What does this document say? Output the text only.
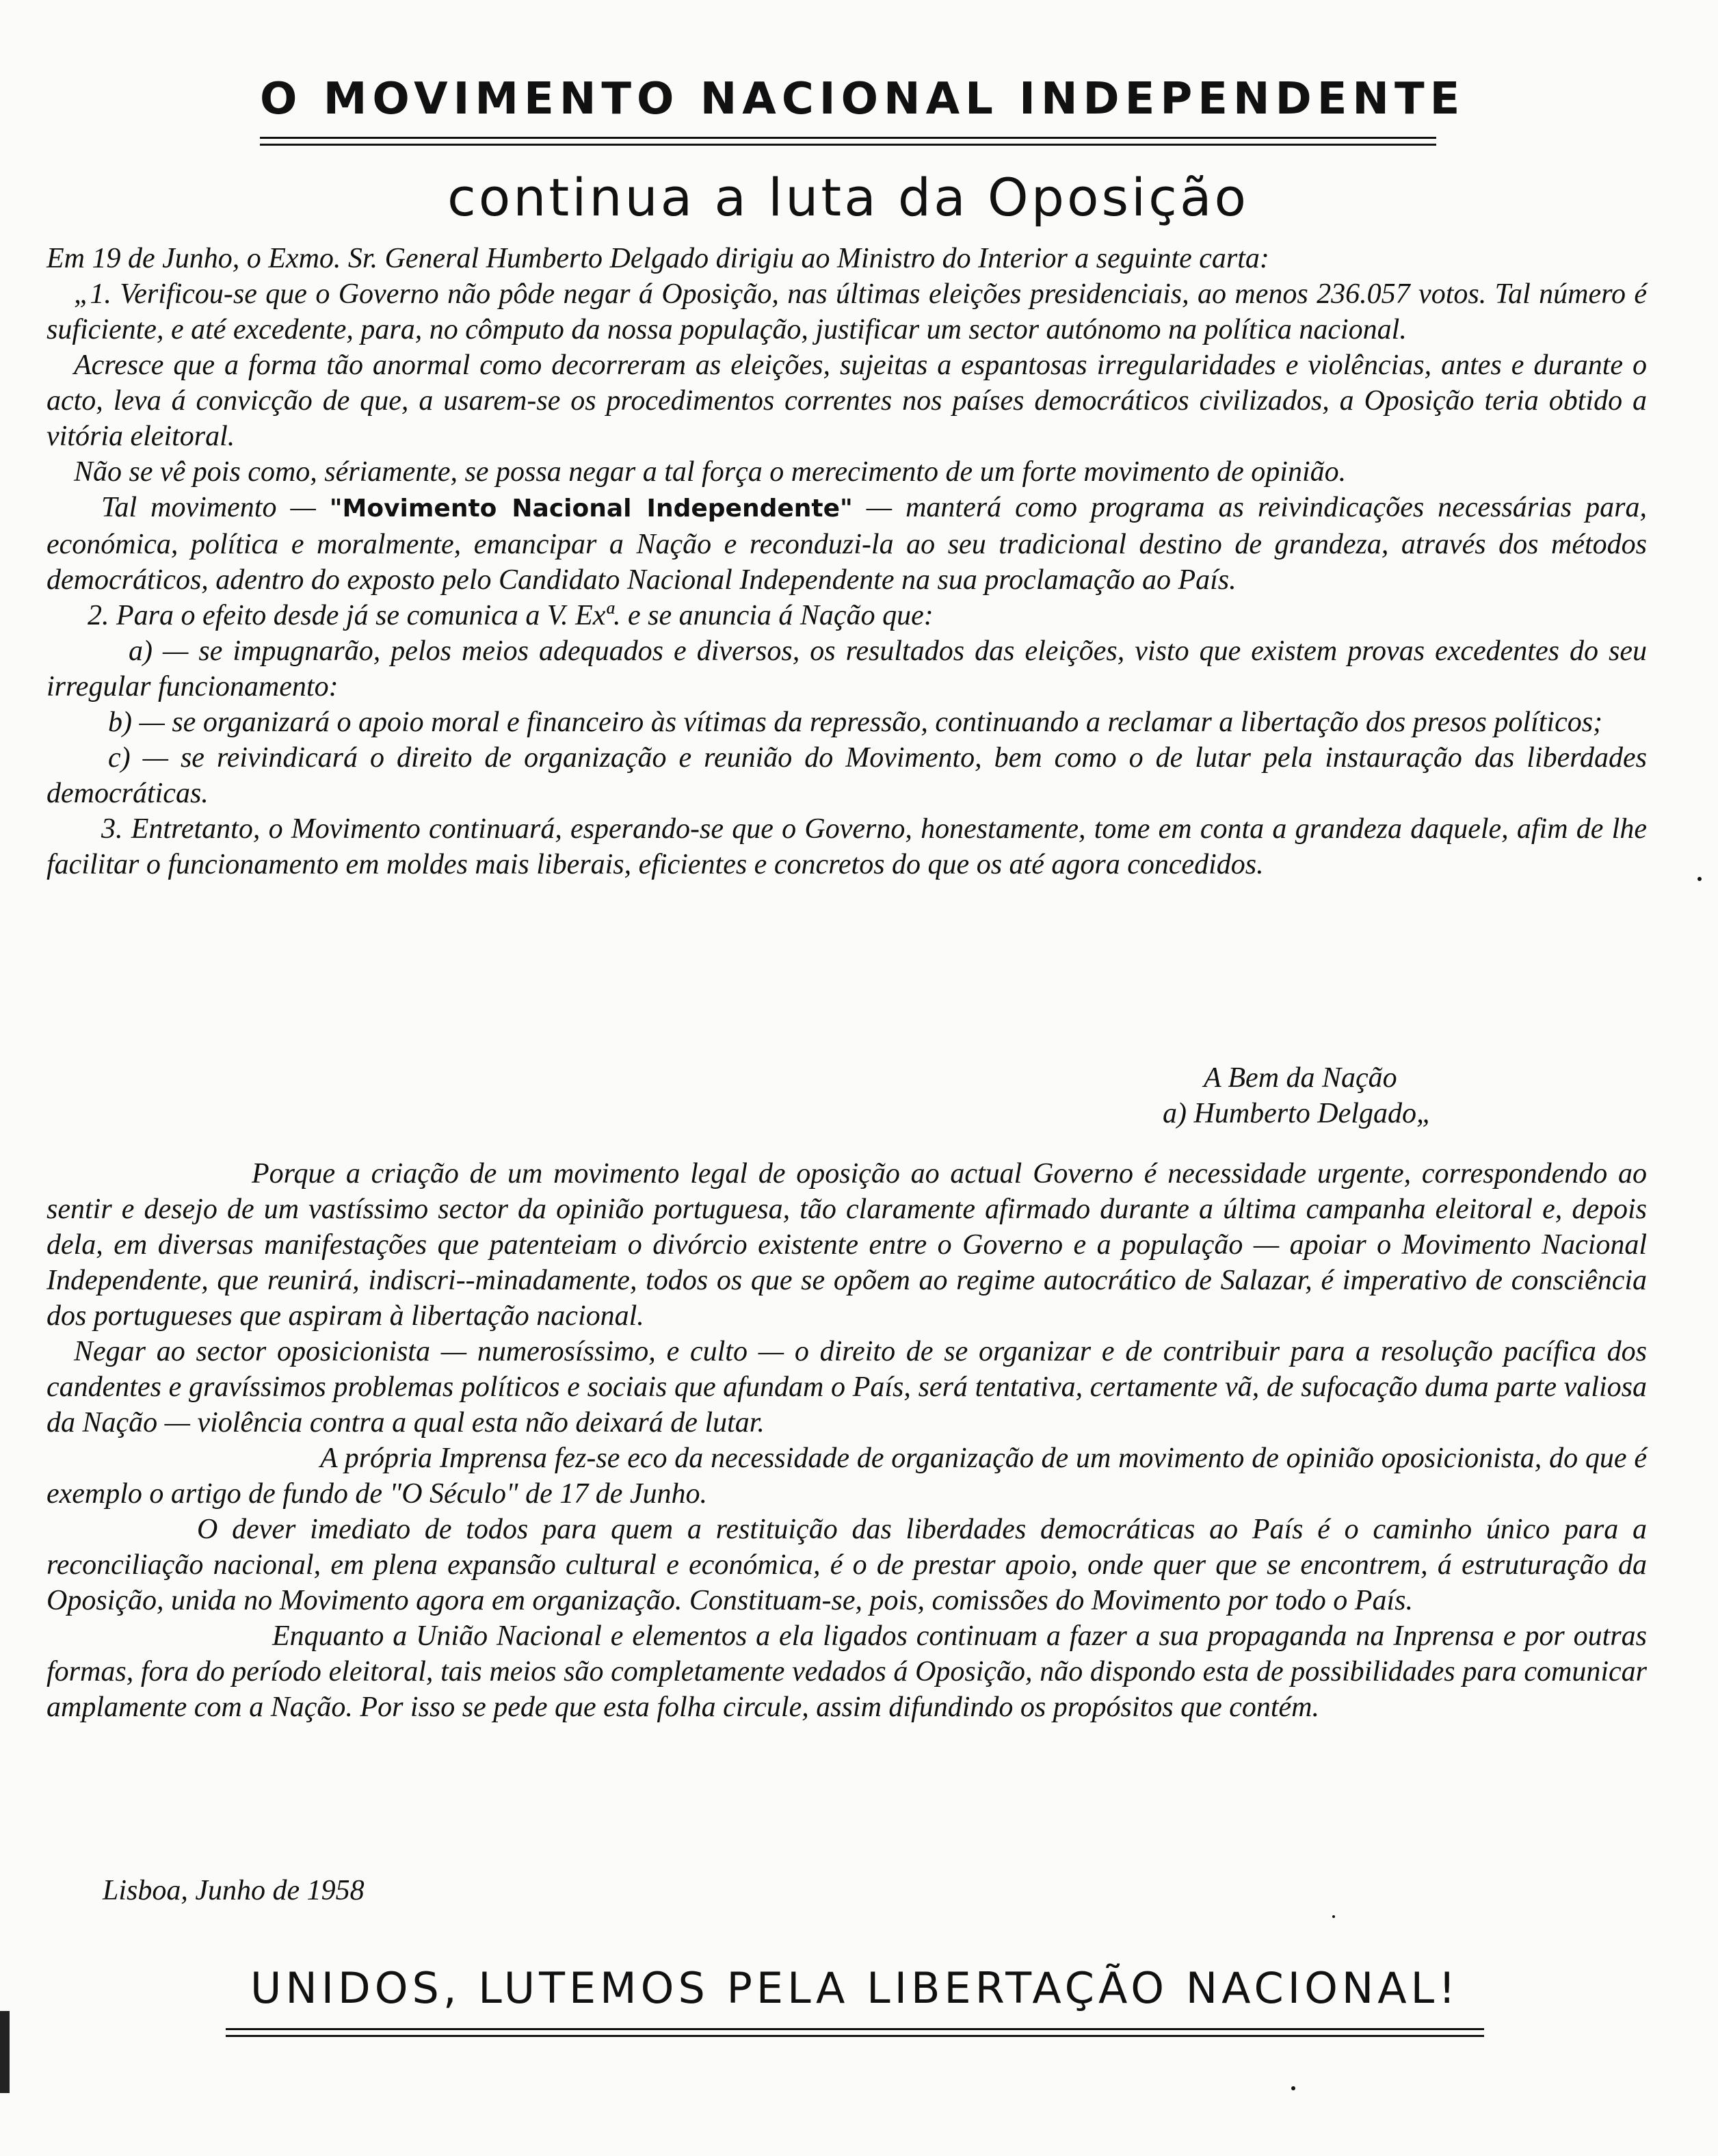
O MOVIMENTO NACIONAL INDEPENDENTE
continua a luta da Oposição

Em 19 de Junho, o Exmo. Sr. General Humberto Delgado dirigiu ao Ministro do Interior a seguinte carta:

„1. Verificou-se que o Governo não pôde negar á Oposição, nas últimas eleições presidenciais, ao menos 236.057 votos. Tal número é suficiente, e até excedente, para, no cômputo da nossa população, justificar um sector autónomo na política nacional.

Acresce que a forma tão anormal como decorreram as eleições, sujeitas a espantosas irregularidades e violências, antes e durante o acto, leva á convicção de que, a usarem-se os procedimentos correntes nos países democráticos civilizados, a Oposição teria obtido a vitória eleitoral.

Não se vê pois como, sériamente, se possa negar a tal força o merecimento de um forte movimento de opinião.

Tal movimento — "Movimento Nacional Independente" — manterá como programa as reivindicações necessárias para, económica, política e moralmente, emancipar a Nação e reconduzi-la ao seu tradicional destino de grandeza, através dos métodos democráticos, adentro do exposto pelo Candidato Nacional Independente na sua proclamação ao País.

2. Para o efeito desde já se comunica a V. Exª. e se anuncia á Nação que:

a) — se impugnarão, pelos meios adequados e diversos, os resultados das eleições, visto que existem provas excedentes do seu irregular funcionamento:

b) — se organizará o apoio moral e financeiro às vítimas da repressão, continuando a reclamar a libertação dos presos políticos;

c) — se reivindicará o direito de organização e reunião do Movimento, bem como o de lutar pela instauração das liberdades democráticas.

3. Entretanto, o Movimento continuará, esperando-se que o Governo, honestamente, tome em conta a grandeza daquele, afim de lhe facilitar o funcionamento em moldes mais liberais, eficientes e concretos do que os até agora concedidos.

A Bem da Nação
a) Humberto Delgado„

Porque a criação de um movimento legal de oposição ao actual Governo é necessidade urgente, correspondendo ao sentir e desejo de um vastíssimo sector da opinião portuguesa, tão claramente afirmado durante a última campanha eleitoral e, depois dela, em diversas manifestações que patenteiam o divórcio existente entre o Governo e a população — apoiar o Movimento Nacional Independente, que reunirá, indiscri--minadamente, todos os que se opõem ao regime autocrático de Salazar, é imperativo de consciência dos portugueses que aspiram à libertação nacional.

Negar ao sector oposicionista — numerosíssimo, e culto — o direito de se organizar e de contribuir para a resolução pacífica dos candentes e gravíssimos problemas políticos e sociais que afundam o País, será tentativa, certamente vã, de sufocação duma parte valiosa da Nação — violência contra a qual esta não deixará de lutar.

A própria Imprensa fez-se eco da necessidade de organização de um movimento de opinião oposicionista, do que é exemplo o artigo de fundo de "O Século" de 17 de Junho.

O dever imediato de todos para quem a restituição das liberdades democráticas ao País é o caminho único para a reconciliação nacional, em plena expansão cultural e económica, é o de prestar apoio, onde quer que se encontrem, á estruturação da Oposição, unida no Movimento agora em organização. Constituam-se, pois, comissões do Movimento por todo o País.

Enquanto a União Nacional e elementos a ela ligados continuam a fazer a sua propaganda na Inprensa e por outras formas, fora do período eleitoral, tais meios são completamente vedados á Oposição, não dispondo esta de possibilidades para comunicar amplamente com a Nação. Por isso se pede que esta folha circule, assim difundindo os propósitos que contém.

Lisboa, Junho de 1958
UNIDOS, LUTEMOS PELA LIBERTAÇÃO NACIONAL!
